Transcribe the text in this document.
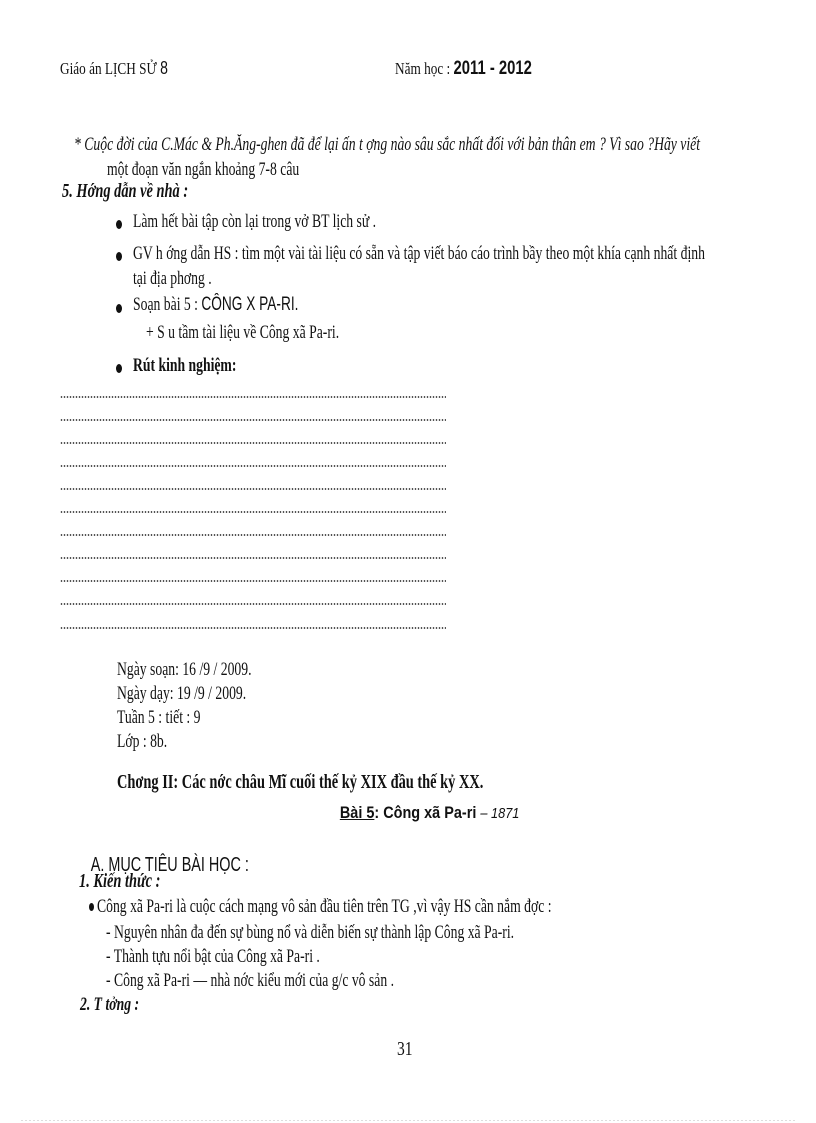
Giáo án LỊCH SỬ 8	Năm học : 2011 - 2012
* Cuộc đời của C.Mác & Ph.Ăng-ghen đã để lại ấn t ợng nào sâu sắc nhất đối với bản thân em ? Vì sao ?Hãy viết
một đoạn văn ngắn khoảng 7-8 câu
5. Hớng dẫn về nhà :
Làm hết bài tập còn lại trong vở BT lịch sử .
GV h ớng dẫn HS : tìm một vài tài liệu có sẵn và tập viết báo cáo trình bầy theo một khía cạnh nhất định
tại địa phơng .
Soạn bài 5 : CÔNG X PA-RI.
+ S u tầm tài liệu về Công xã Pa-ri.
Rút kinh nghiệm:
Ngày soạn: 16 /9 / 2009.
Ngày dạy: 19 /9 / 2009.
Tuần 5 : tiết : 9
Lớp : 8b.
Chơng II: Các nớc châu Mĩ cuối thế kỷ XIX đầu thế kỷ XX.
Bài 5: Công xã Pa-ri – 1871
A. MỤC TIÊU BÀI HỌC :
1. Kiến thức :
Công xã Pa-ri là cuộc cách mạng vô sản đầu tiên trên TG ,vì vậy HS cần nắm đợc :
- Nguyên nhân đa đến sự bùng nổ và diễn biến sự thành lập Công xã Pa-ri.
- Thành tựu nổi bật của Công xã Pa-ri .
- Công xã Pa-ri — nhà nớc kiểu mới của g/c vô sản .
2. T tởng :
31
